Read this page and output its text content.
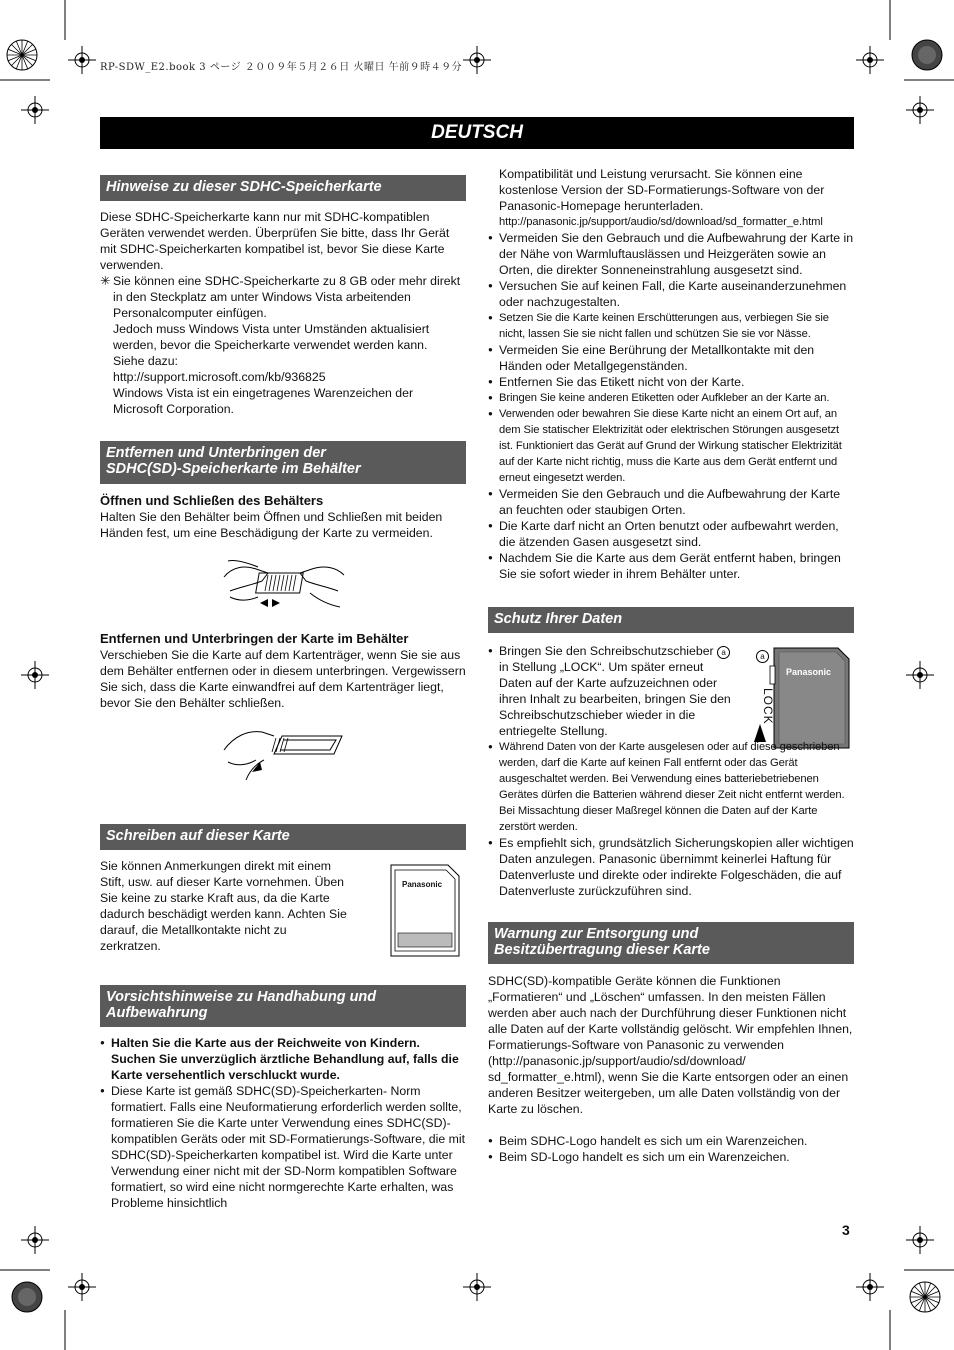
RP-SDW_E2.book 3 ページ ２００９年５月２６日 火曜日 午前９時４９分
DEUTSCH
Hinweise zu dieser SDHC-Speicherkarte

Diese SDHC-Speicherkarte kann nur mit SDHC-kompatiblen Geräten verwendet werden. Überprüfen Sie bitte, dass Ihr Gerät mit SDHC-Speicherkarten kompatibel ist, bevor Sie diese Karte verwenden.

✳ Sie können eine SDHC-Speicherkarte zu 8 GB oder mehr direkt in den Steckplatz am unter Windows Vista arbeitenden Personalcomputer einfügen.

Jedoch muss Windows Vista unter Umständen aktualisiert werden, bevor die Speicherkarte verwendet werden kann.

Siehe dazu:

http://support.microsoft.com/kb/936825

Windows Vista ist ein eingetragenes Warenzeichen der Microsoft Corporation.

Entfernen und Unterbringen der
SDHC(SD)-Speicherkarte im Behälter
Öffnen und Schließen des Behälters
Halten Sie den Behälter beim Öffnen und Schließen mit beiden Händen fest, um eine Beschädigung der Karte zu vermeiden.
Entfernen und Unterbringen der Karte im Behälter
Verschieben Sie die Karte auf dem Kartenträger, wenn Sie sie aus dem Behälter entfernen oder in diesem unterbringen. Vergewissern Sie sich, dass die Karte einwandfrei auf dem Kartenträger liegt, bevor Sie den Behälter schließen.
Schreiben auf dieser Karte
Sie können Anmerkungen direkt mit einem Stift, usw. auf dieser Karte vornehmen. Üben Sie keine zu starke Kraft aus, da die Karte dadurch beschädigt werden kann. Achten Sie darauf, die Metallkontakte nicht zu zerkratzen.
Panasonic
Vorsichtshinweise zu Handhabung und
Aufbewahrung
● Halten Sie die Karte aus der Reichweite von Kindern. Suchen Sie unverzüglich ärztliche Behandlung auf, falls die Karte versehentlich verschluckt wurde.
● Diese Karte ist gemäß SDHC(SD)-Speicherkarten- Norm formatiert. Falls eine Neuformatierung erforderlich werden sollte, formatieren Sie die Karte unter Verwendung eines SDHC(SD)-kompatiblen Geräts oder mit SD-Formatierungs-Software, die mit SDHC(SD)-Speicherkarten kompatibel ist. Wird die Karte unter Verwendung einer nicht mit der SD-Norm kompatiblen Software formatiert, so wird eine nicht normgerechte Karte erhalten, was Probleme hinsichtlich

Kompatibilität und Leistung verursacht. Sie können eine kostenlose Version der SD-Formatierungs-Software von der Panasonic-Homepage herunterladen.

http://panasonic.jp/support/audio/sd/download/sd_formatter_e.html

● Vermeiden Sie den Gebrauch und die Aufbewahrung der Karte in der Nähe von Warmluftauslässen und Heizgeräten sowie an Orten, die direkter Sonneneinstrahlung ausgesetzt sind.
● Versuchen Sie auf keinen Fall, die Karte auseinanderzunehmen oder nachzugestalten.
● Setzen Sie die Karte keinen Erschütterungen aus, verbiegen Sie sie nicht, lassen Sie sie nicht fallen und schützen Sie sie vor Nässe.
● Vermeiden Sie eine Berührung der Metallkontakte mit den Händen oder Metallgegenständen.
● Entfernen Sie das Etikett nicht von der Karte.
● Bringen Sie keine anderen Etiketten oder Aufkleber an der Karte an.
● Verwenden oder bewahren Sie diese Karte nicht an einem Ort auf, an dem Sie statischer Elektrizität oder elektrischen Störungen ausgesetzt ist. Funktioniert das Gerät auf Grund der Wirkung statischer Elektrizität auf der Karte nicht richtig, muss die Karte aus dem Gerät entfernt und erneut eingesetzt werden.
● Vermeiden Sie den Gebrauch und die Aufbewahrung der Karte an feuchten oder staubigen Orten.
● Die Karte darf nicht an Orten benutzt oder aufbewahrt werden, die ätzenden Gasen ausgesetzt sind.
● Nachdem Sie die Karte aus dem Gerät entfernt haben, bringen Sie sie sofort wieder in ihrem Behälter unter.
Schutz Ihrer Daten
● Bringen Sie den Schreibschutzschieber a in Stellung „LOCK“. Um später erneut Daten auf der Karte aufzuzeichnen oder ihren Inhalt zu bearbeiten, bringen Sie den Schreibschutzschieber wieder in die entriegelte Stellung.
a
LOCK
Panasonic
● Während Daten von der Karte ausgelesen oder auf diese geschrieben werden, darf die Karte auf keinen Fall entfernt oder das Gerät ausgeschaltet werden. Bei Verwendung eines batteriebetriebenen Gerätes dürfen die Batterien während dieser Zeit nicht entfernt werden. Bei Missachtung dieser Maßregel können die Daten auf der Karte zerstört werden.
● Es empfiehlt sich, grundsätzlich Sicherungskopien aller wichtigen Daten anzulegen. Panasonic übernimmt keinerlei Haftung für Datenverluste und direkte oder indirekte Folgeschäden, die auf Datenverluste zurückzuführen sind.
Warnung zur Entsorgung und
Besitzübertragung dieser Karte
SDHC(SD)-kompatible Geräte können die Funktionen „Formatieren“ und „Löschen“ umfassen. In den meisten Fällen werden aber auch nach der Durchführung dieser Funktionen nicht alle Daten auf der Karte vollständig gelöscht. Wir empfehlen Ihnen, Formatierungs-Software von Panasonic zu verwenden (http://panasonic.jp/support/audio/sd/download/ sd_formatter_e.html), wenn Sie die Karte entsorgen oder an einen anderen Besitzer weitergeben, um alle Daten vollständig von der Karte zu löschen.
● Beim SDHC-Logo handelt es sich um ein Warenzeichen.
● Beim SD-Logo handelt es sich um ein Warenzeichen.
3
